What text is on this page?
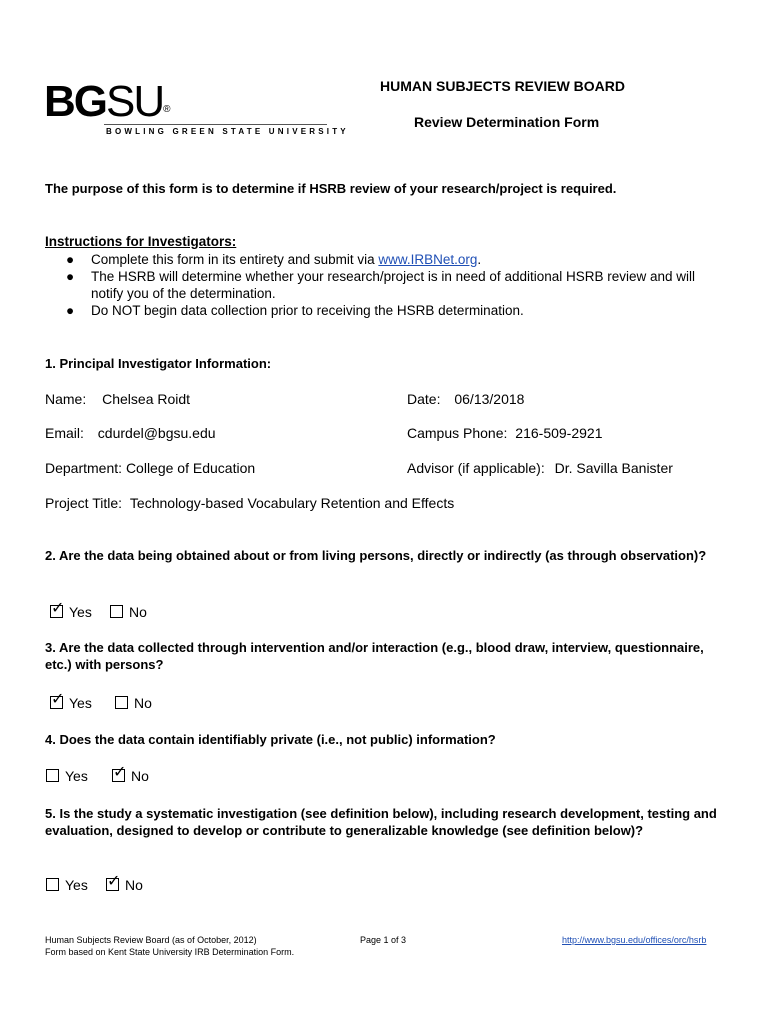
BGSU®
BOWLING GREEN STATE UNIVERSITY
HUMAN SUBJECTS REVIEW BOARD
Review Determination Form
The purpose of this form is to determine if HSRB review of your research/project is required.
Instructions for Investigators:
● Complete this form in its entirety and submit via www.IRBNet.org.
● The HSRB will determine whether your research/project is in need of additional HSRB review and will notify you of the determination.
● Do NOT begin data collection prior to receiving the HSRB determination.
1. Principal Investigator Information:
Name: Chelsea Roidt	Date: 06/13/2018
Email: cdurdel@bgsu.edu	Campus Phone: 216-509-2921
Department: College of Education	Advisor (if applicable): Dr. Savilla Banister
Project Title: Technology-based Vocabulary Retention and Effects
2. Are the data being obtained about or from living persons, directly or indirectly (as through observation)?
✓Yes	No
3. Are the data collected through intervention and/or interaction (e.g., blood draw, interview, questionnaire, etc.) with persons?
✓Yes	No
4. Does the data contain identifiably private (i.e., not public) information?
Yes ✓	No
5. Is the study a systematic investigation (see definition below), including research development, testing and evaluation, designed to develop or contribute to generalizable knowledge (see definition below)?
Yes ✓	No
Human Subjects Review Board (as of October, 2012)
Form based on Kent State University IRB Determination Form.
Page 1 of 3	http://www.bgsu.edu/offices/orc/hsrb
